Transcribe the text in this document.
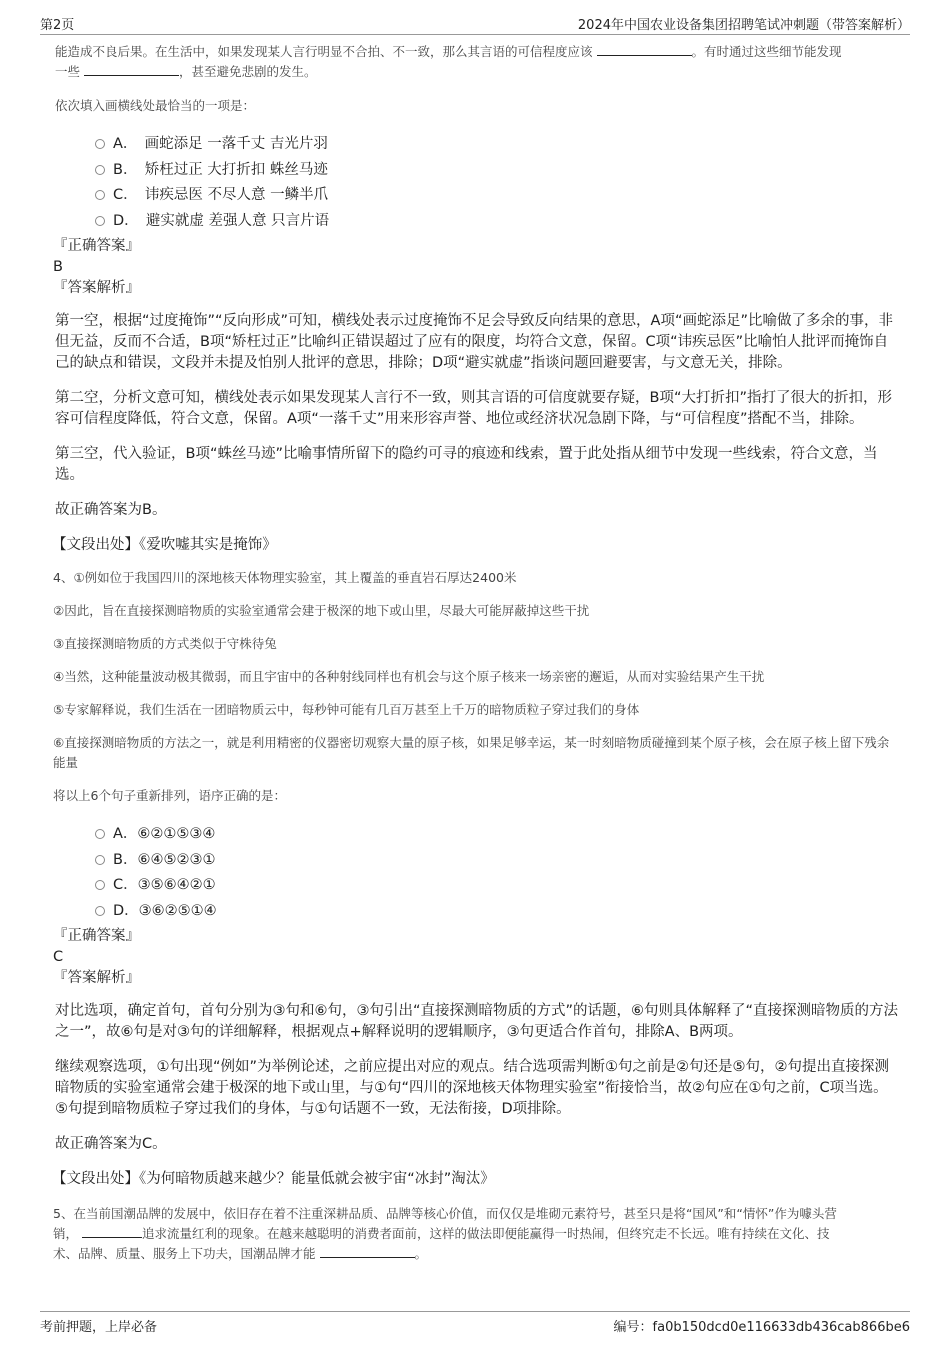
第2页	2024年中国农业设备集团招聘笔试冲刺题（带答案解析）

能造成不良后果。在生活中，如果发现某人言行明显不合拍、不一致，那么其言语的可信程度应该	。有时通过这些细节能发现

一些	，甚至避免悲剧的发生。

依次填入画横线处最恰当的一项是：

A．　画蛇添足 一落千丈 吉光片羽
B．　矫枉过正 大打折扣 蛛丝马迹
C．　讳疾忌医 不尽人意 一鳞半爪
D．　避实就虚 差强人意 只言片语
『正确答案』
B
『答案解析』

第一空，根据“过度掩饰”“反向形成”可知，横线处表示过度掩饰不足会导致反向结果的意思，A项“画蛇添足”比喻做了多余的事，非但无益，反而不合适，B项“矫枉过正”比喻纠正错误超过了应有的限度，均符合文意，保留。C项“讳疾忌医”比喻怕人批评而掩饰自己的缺点和错误，文段并未提及怕别人批评的意思，排除；D项“避实就虚”指谈问题回避要害，与文意无关，排除。

第二空，分析文意可知，横线处表示如果发现某人言行不一致，则其言语的可信度就要存疑，B项“大打折扣”指打了很大的折扣，形容可信程度降低，符合文意，保留。A项“一落千丈”用来形容声誉、地位或经济状况急剧下降，与“可信程度”搭配不当，排除。

第三空，代入验证，B项“蛛丝马迹”比喻事情所留下的隐约可寻的痕迹和线索，置于此处指从细节中发现一些线索，符合文意，当选。

故正确答案为B。

【文段出处】《爱吹嘘其实是掩饰》

4、①例如位于我国四川的深地核天体物理实验室，其上覆盖的垂直岩石厚达2400米

②因此，旨在直接探测暗物质的实验室通常会建于极深的地下或山里，尽最大可能屏蔽掉这些干扰

③直接探测暗物质的方式类似于守株待兔

④当然，这种能量波动极其微弱，而且宇宙中的各种射线同样也有机会与这个原子核来一场亲密的邂逅，从而对实验结果产生干扰

⑤专家解释说，我们生活在一团暗物质云中，每秒钟可能有几百万甚至上千万的暗物质粒子穿过我们的身体

⑥直接探测暗物质的方法之一，就是利用精密的仪器密切观察大量的原子核，如果足够幸运，某一时刻暗物质碰撞到某个原子核，会在原子核上留下残余能量

将以上6个句子重新排列，语序正确的是：

A．⑥②①⑤③④
B．⑥④⑤②③①
C．③⑤⑥④②①
D．③⑥②⑤①④
『正确答案』
C
『答案解析』

对比选项，确定首句，首句分别为③句和⑥句，③句引出“直接探测暗物质的方式”的话题，⑥句则具体解释了“直接探测暗物质的方法之一”，故⑥句是对③句的详细解释，根据观点+解释说明的逻辑顺序，③句更适合作首句，排除A、B两项。

继续观察选项，①句出现“例如”为举例论述，之前应提出对应的观点。结合选项需判断①句之前是②句还是⑤句，②句提出直接探测暗物质的实验室通常会建于极深的地下或山里，与①句“四川的深地核天体物理实验室”衔接恰当，故②句应在①句之前，C项当选。⑤句提到暗物质粒子穿过我们的身体，与①句话题不一致，无法衔接，D项排除。

故正确答案为C。

【文段出处】《为何暗物质越来越少？能量低就会被宇宙“冰封”淘汰》

5、在当前国潮品牌的发展中，依旧存在着不注重深耕品质、品牌等核心价值，而仅仅是堆砌元素符号，甚至只是将“国风”和“情怀”作为噱头营

销，	追求流量红利的现象。在越来越聪明的消费者面前，这样的做法即便能赢得一时热闹，但终究走不长远。唯有持续在文化、技

术、品牌、质量、服务上下功夫，国潮品牌才能	。

考前押题，上岸必备	编号：fa0b150dcd0e116633db436cab866be6
